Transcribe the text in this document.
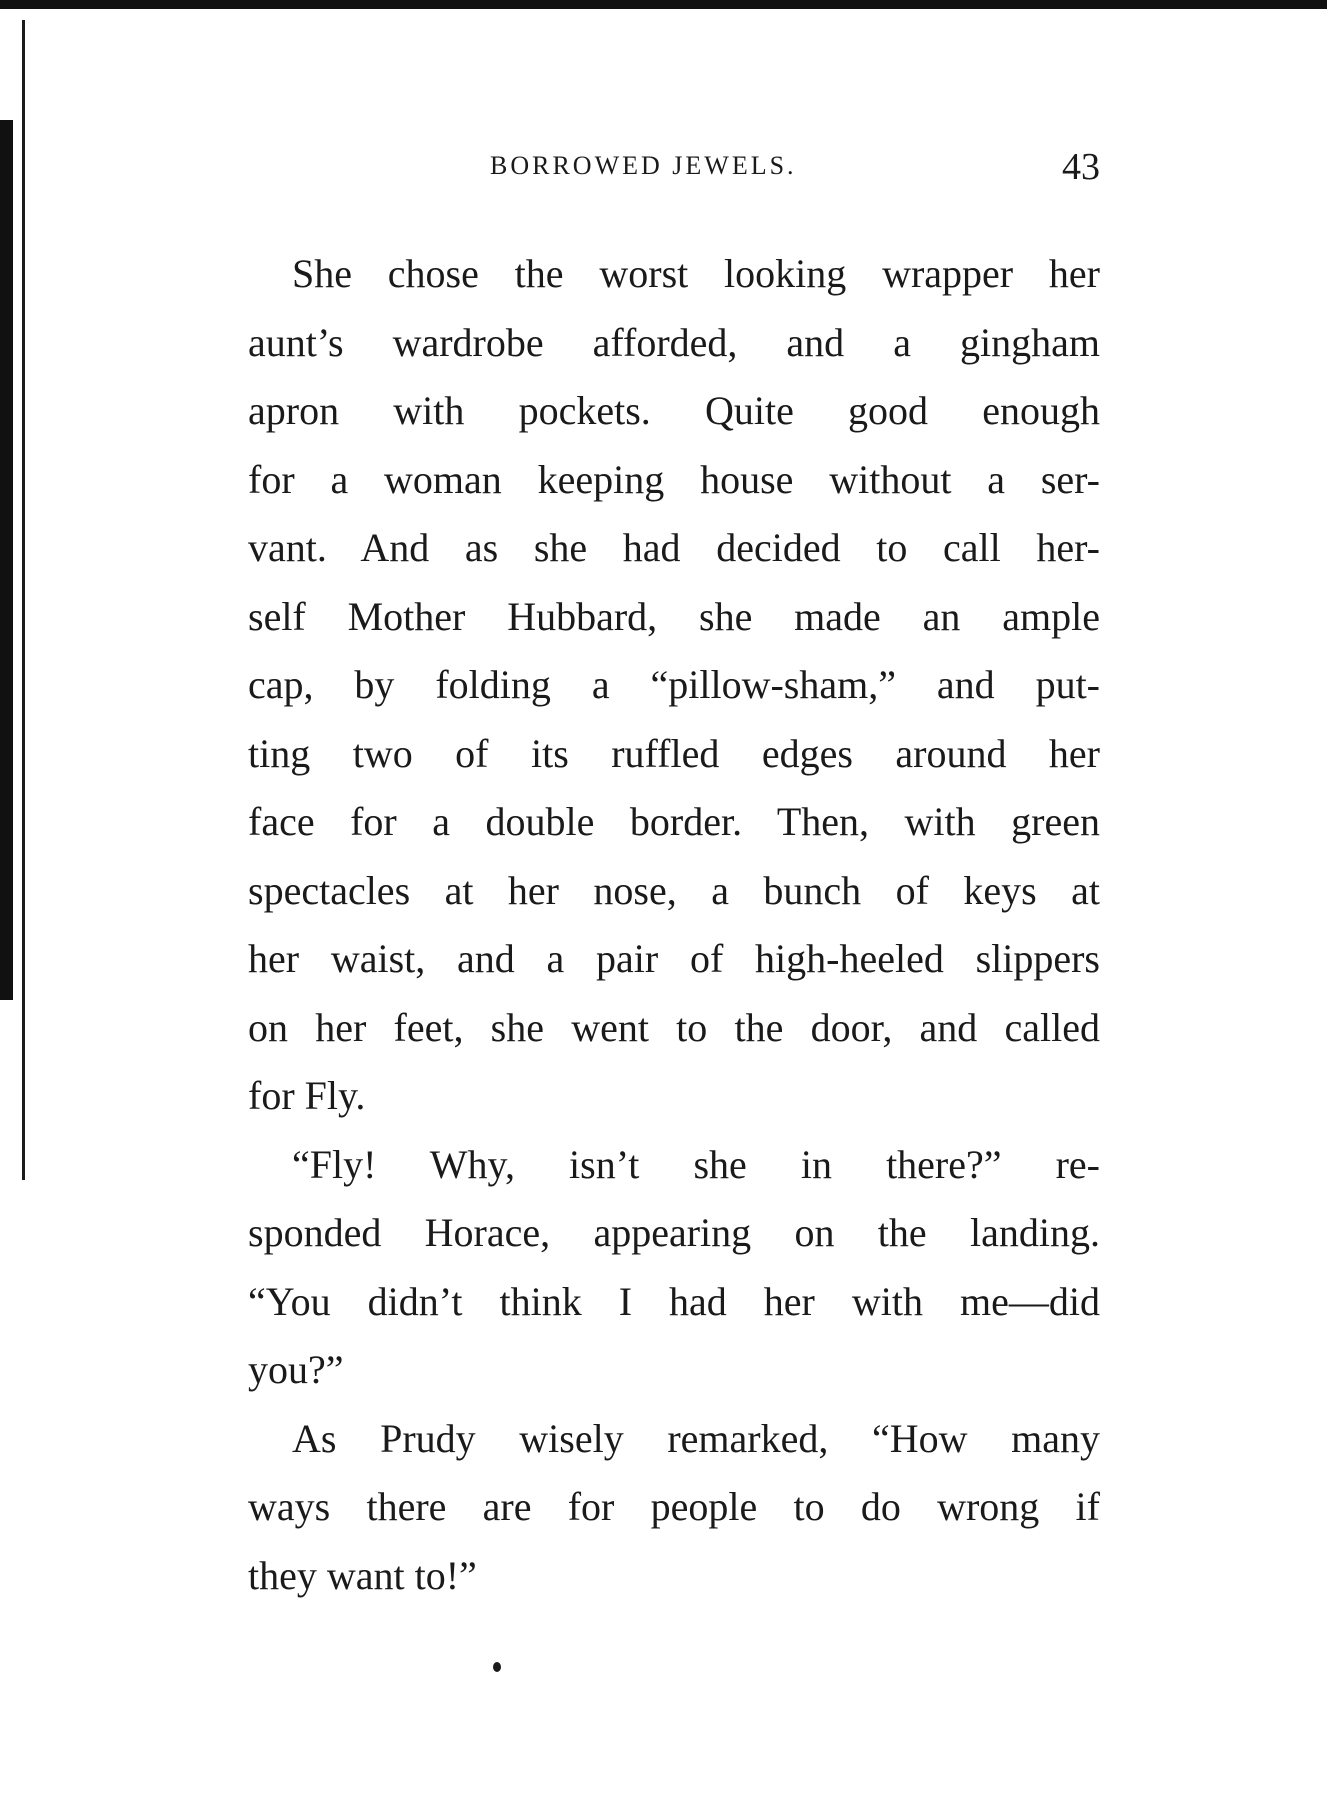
BORROWED JEWELS.	43
She chose the worst looking wrapper her
aunt’s wardrobe afforded, and a gingham
apron with pockets. Quite good enough
for a woman keeping house without a ser-
vant. And as she had decided to call her-
self Mother Hubbard, she made an ample
cap, by folding a “pillow-sham,” and put-
ting two of its ruffled edges around her
face for a double border. Then, with green
spectacles at her nose, a bunch of keys at
her waist, and a pair of high-heeled slippers
on her feet, she went to the door, and called
for Fly.
“Fly! Why, isn’t she in there?” re-
sponded Horace, appearing on the landing.
“You didn’t think I had her with me—did
you?”
As Prudy wisely remarked, “How many
ways there are for people to do wrong if
they want to!”
